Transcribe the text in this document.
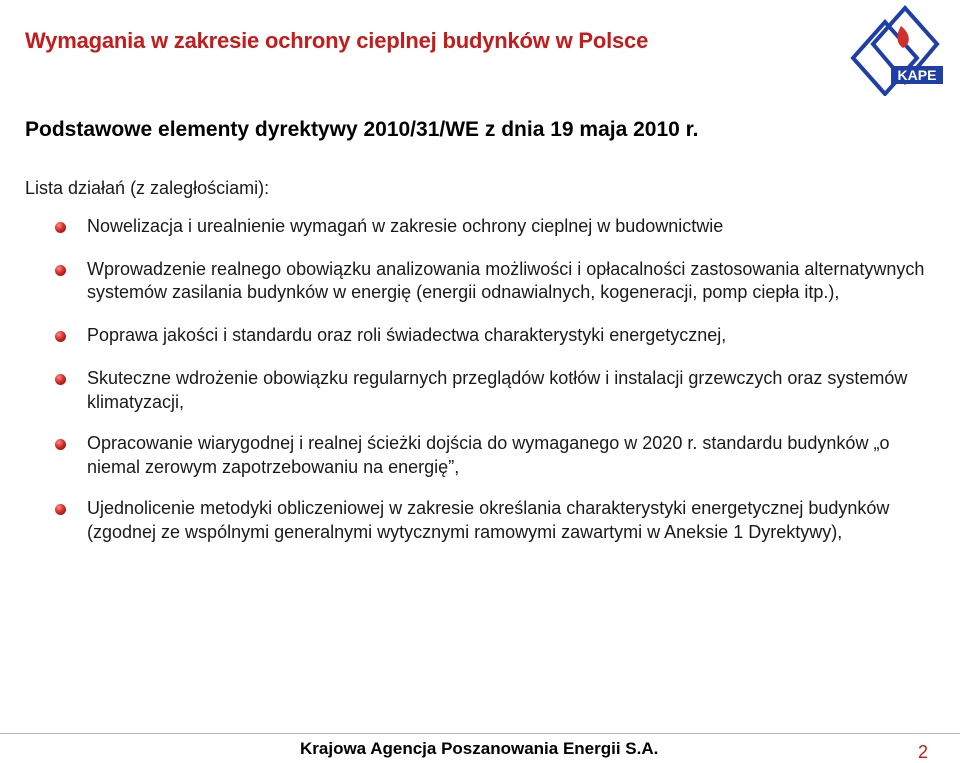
Wymagania w zakresie ochrony cieplnej budynków w Polsce
KAPE
Podstawowe elementy dyrektywy 2010/31/WE z dnia 19 maja 2010 r.
Lista działań (z zaległościami):
Nowelizacja i urealnienie wymagań w zakresie ochrony cieplnej w budownictwie
Wprowadzenie realnego obowiązku analizowania możliwości i opłacalności zastosowania alternatywnych systemów zasilania budynków w energię (energii odnawialnych, kogeneracji, pomp ciepła itp.),
Poprawa jakości i standardu oraz roli świadectwa charakterystyki energetycznej,
Skuteczne wdrożenie obowiązku regularnych przeglądów kotłów i instalacji grzewczych oraz systemów klimatyzacji,
Opracowanie wiarygodnej i realnej ścieżki dojścia do wymaganego w 2020 r. standardu budynków „o niemal zerowym zapotrzebowaniu na energię”,
Ujednolicenie metodyki obliczeniowej w zakresie określania charakterystyki energetycznej budynków (zgodnej ze wspólnymi generalnymi wytycznymi ramowymi zawartymi w Aneksie 1 Dyrektywy),
Krajowa Agencja Poszanowania Energii S.A.	2
